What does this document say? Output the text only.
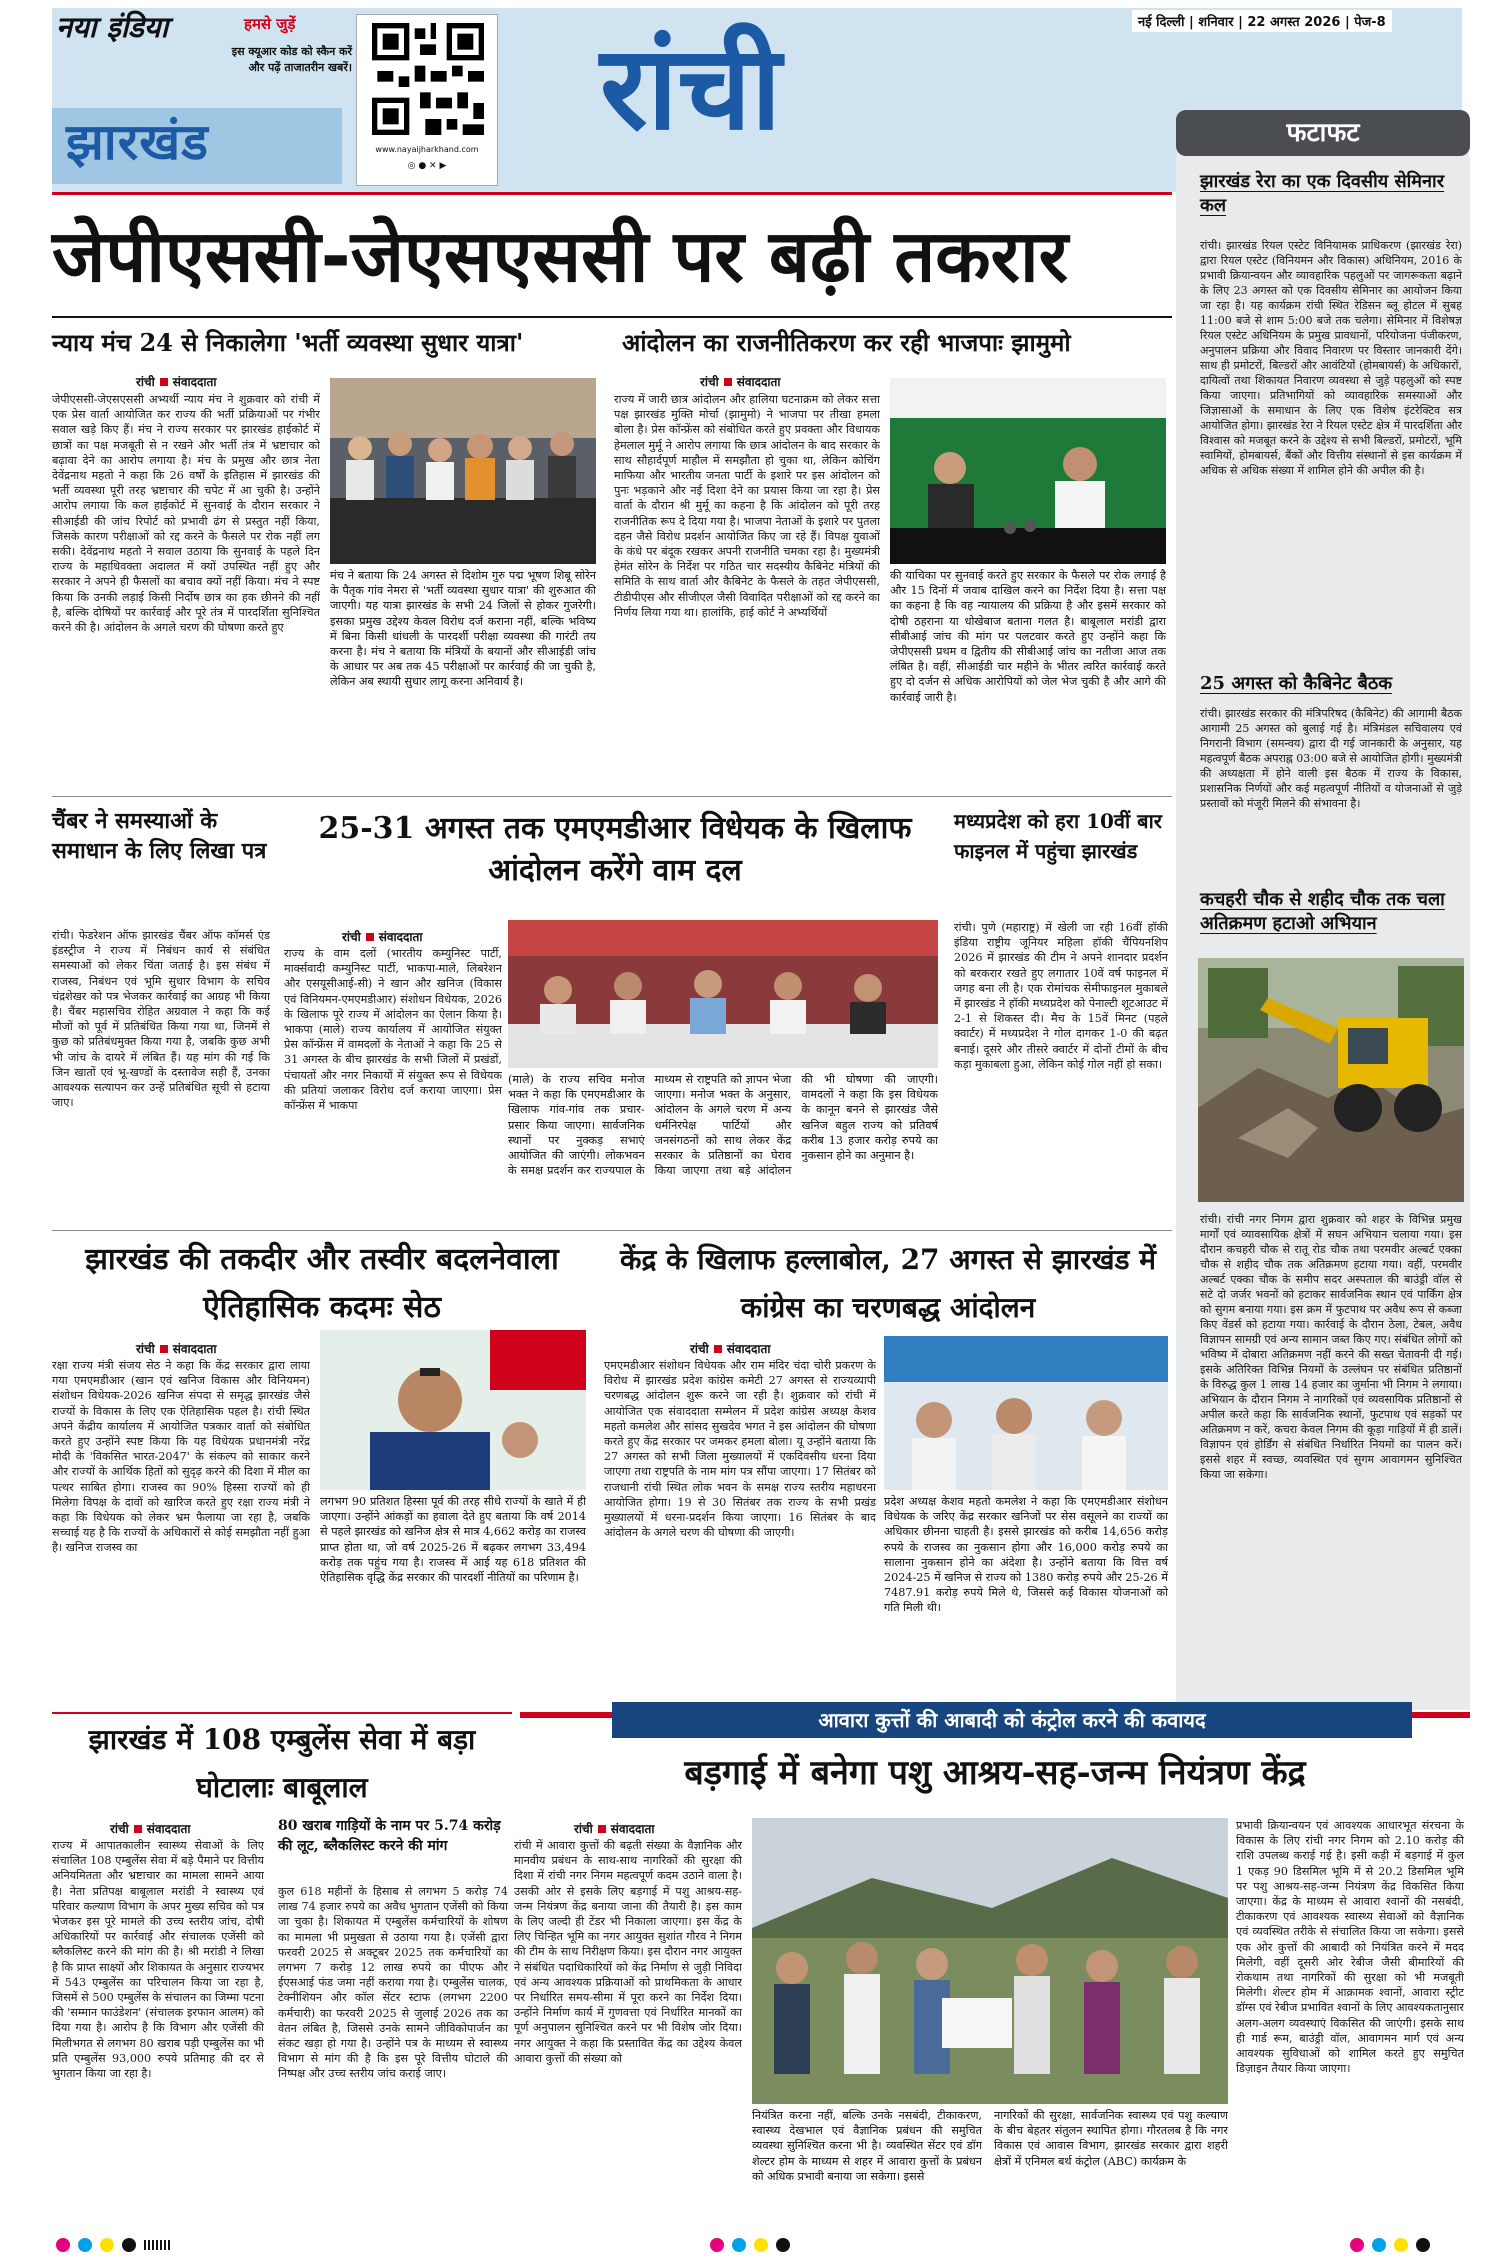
नया इंडिया	हमसे जुड़ें
इस क्यूआर कोड को स्कैन करें और पढ़ें ताजातरीन खबरें।
www.nayaijharkhand.com
◎ ● ✕ ▶
झारखंड	रांची	नई दिल्ली | शनिवार | 22 अगस्त 2026 | पेज-8
फटाफट
झारखंड रेरा का एक दिवसीय सेमिनार कल
रांची। झारखंड रियल एस्टेट विनियामक प्राधिकरण (झारखंड रेरा) द्वारा रियल एस्टेट (विनियमन और विकास) अधिनियम, 2016 के प्रभावी क्रियान्वयन और व्यावहारिक पहलुओं पर जागरूकता बढ़ाने के लिए 23 अगस्त को एक दिवसीय सेमिनार का आयोजन किया जा रहा है। यह कार्यक्रम रांची स्थित रेडिसन ब्लू होटल में सुबह 11:00 बजे से शाम 5:00 बजे तक चलेगा। सेमिनार में विशेषज्ञ रियल एस्टेट अधिनियम के प्रमुख प्रावधानों, परियोजना पंजीकरण, अनुपालन प्रक्रिया और विवाद निवारण पर विस्तार जानकारी देंगे। साथ ही प्रमोटरों, बिल्डरों और आवंटियों (होमबायर्स) के अधिकारों, दायित्वों तथा शिकायत निवारण व्यवस्था से जुड़े पहलुओं को स्पष्ट किया जाएगा। प्रतिभागियों को व्यावहारिक समस्याओं और जिज्ञासाओं के समाधान के लिए एक विशेष इंटरेक्टिव सत्र आयोजित होगा। झारखंड रेरा ने रियल एस्टेट क्षेत्र में पारदर्शिता और विश्वास को मजबूत करने के उद्देश्य से सभी बिल्डरों, प्रमोटरों, भूमि स्वामियों, होमबायर्स, बैंकों और वित्तीय संस्थानों से इस कार्यक्रम में अधिक से अधिक संख्या में शामिल होने की अपील की है।
25 अगस्त को कैबिनेट बैठक
रांची। झारखंड सरकार की मंत्रिपरिषद (कैबिनेट) की आगामी बैठक आगामी 25 अगस्त को बुलाई गई है। मंत्रिमंडल सचिवालय एवं निगरानी विभाग (समन्वय) द्वारा दी गई जानकारी के अनुसार, यह महत्वपूर्ण बैठक अपराह्न 03:00 बजे से आयोजित होगी। मुख्यमंत्री की अध्यक्षता में होने वाली इस बैठक में राज्य के विकास, प्रशासनिक निर्णयों और कई महत्वपूर्ण नीतियों व योजनाओं से जुड़े प्रस्तावों को मंजूरी मिलने की संभावना है।
कचहरी चौक से शहीद चौक तक चला अतिक्रमण हटाओ अभियान
रांची। रांची नगर निगम द्वारा शुक्रवार को शहर के विभिन्न प्रमुख मार्गों एवं व्यावसायिक क्षेत्रों में सघन अभियान चलाया गया। इस दौरान कचहरी चौक से रातू रोड चौक तथा परमवीर अल्बर्ट एक्का चौक से शहीद चौक तक अतिक्रमण हटाया गया। वहीं, परमवीर अल्बर्ट एक्का चौक के समीप सदर अस्पताल की बाउंड्री वॉल से सटे दो जर्जर भवनों को हटाकर सार्वजनिक स्थान एवं पार्किंग क्षेत्र को सुगम बनाया गया। इस क्रम में फुटपाथ पर अवैध रूप से कब्जा किए वेंडर्स को हटाया गया। कार्रवाई के दौरान ठेला, टेबल, अवैध विज्ञापन सामग्री एवं अन्य सामान जब्त किए गए। संबंधित लोगों को भविष्य में दोबारा अतिक्रमण नहीं करने की सख्त चेतावनी दी गई। इसके अतिरिक्त विभिन्न नियमों के उल्लंघन पर संबंधित प्रतिष्ठानों के विरुद्ध कुल 1 लाख 14 हजार का जुर्माना भी निगम ने लगाया। अभियान के दौरान निगम ने नागरिकों एवं व्यवसायिक प्रतिष्ठानों से अपील करते कहा कि सार्वजनिक स्थानों, फुटपाथ एवं सड़कों पर अतिक्रमण न करें, कचरा केवल निगम की कूड़ा गाड़ियों में ही डालें। विज्ञापन एवं होर्डिंग से संबंधित निर्धारित नियमों का पालन करें। इससे शहर में स्वच्छ, व्यवस्थित एवं सुगम आवागमन सुनिश्चित किया जा सकेगा।
जेपीएससी-जेएसएससी पर बढ़ी तकरार
न्याय मंच 24 से निकालेगा 'भर्ती व्यवस्था सुधार यात्रा'
रांची संवाददाता
जेपीएससी-जेएसएससी अभ्यर्थी न्याय मंच ने शुक्रवार को रांची में एक प्रेस वार्ता आयोजित कर राज्य की भर्ती प्रक्रियाओं पर गंभीर सवाल खड़े किए हैं। मंच ने राज्य सरकार पर झारखंड हाईकोर्ट में छात्रों का पक्ष मजबूती से न रखने और भर्ती तंत्र में भ्रष्टाचार को बढ़ावा देने का आरोप लगाया है। मंच के प्रमुख और छात्र नेता देवेंद्रनाथ महतो ने कहा कि 26 वर्षों के इतिहास में झारखंड की भर्ती व्यवस्था पूरी तरह भ्रष्टाचार की चपेट में आ चुकी है। उन्होंने आरोप लगाया कि कल हाईकोर्ट में सुनवाई के दौरान सरकार ने सीआईडी की जांच रिपोर्ट को प्रभावी ढंग से प्रस्तुत नहीं किया, जिसके कारण परीक्षाओं को रद्द करने के फैसले पर रोक नहीं लग सकी। देवेंद्रनाथ महतो ने सवाल उठाया कि सुनवाई के पहले दिन राज्य के महाधिवक्ता अदालत में क्यों उपस्थित नहीं हुए और सरकार ने अपने ही फैसलों का बचाव क्यों नहीं किया। मंच ने स्पष्ट किया कि उनकी लड़ाई किसी निर्दोष छात्र का हक छीनने की नहीं है, बल्कि दोषियों पर कार्रवाई और पूरे तंत्र में पारदर्शिता सुनिश्चित करने की है। आंदोलन के अगले चरण की घोषणा करते हुए
मंच ने बताया कि 24 अगस्त से दिशोम गुरु पद्म भूषण शिबू सोरेन के पैतृक गांव नेमरा से 'भर्ती व्यवस्था सुधार यात्रा' की शुरुआत की जाएगी। यह यात्रा झारखंड के सभी 24 जिलों से होकर गुजरेगी। इसका प्रमुख उद्देश्य केवल विरोध दर्ज कराना नहीं, बल्कि भविष्य में बिना किसी धांधली के पारदर्शी परीक्षा व्यवस्था की गारंटी तय करना है। मंच ने बताया कि मंत्रियों के बयानों और सीआईडी जांच के आधार पर अब तक 45 परीक्षाओं पर कार्रवाई की जा चुकी है, लेकिन अब स्थायी सुधार लागू करना अनिवार्य है।
आंदोलन का राजनीतिकरण कर रही भाजपाः झामुमो
रांची संवाददाता
राज्य में जारी छात्र आंदोलन और हालिया घटनाक्रम को लेकर सत्ता पक्ष झारखंड मुक्ति मोर्चा (झामुमो) ने भाजपा पर तीखा हमला बोला है। प्रेस कॉन्फ्रेंस को संबोधित करते हुए प्रवक्ता और विधायक हेमलाल मुर्मू ने आरोप लगाया कि छात्र आंदोलन के बाद सरकार के साथ सौहार्दपूर्ण माहौल में समझौता हो चुका था, लेकिन कोचिंग माफिया और भारतीय जनता पार्टी के इशारे पर इस आंदोलन को पुनः भड़काने और नई दिशा देने का प्रयास किया जा रहा है। प्रेस वार्ता के दौरान श्री मुर्मू का कहना है कि आंदोलन को पूरी तरह राजनीतिक रूप दे दिया गया है। भाजपा नेताओं के इशारे पर पुतला दहन जैसे विरोध प्रदर्शन आयोजित किए जा रहे हैं। विपक्ष युवाओं के कंधे पर बंदूक रखकर अपनी राजनीति चमका रहा है। मुख्यमंत्री हेमंत सोरेन के निर्देश पर गठित चार सदस्यीय कैबिनेट मंत्रियों की समिति के साथ वार्ता और कैबिनेट के फैसले के तहत जेपीएससी, टीडीपीएस और सीजीएल जैसी विवादित परीक्षाओं को रद्द करने का निर्णय लिया गया था। हालांकि, हाई कोर्ट ने अभ्यर्थियों
की याचिका पर सुनवाई करते हुए सरकार के फैसले पर रोक लगाई है और 15 दिनों में जवाब दाखिल करने का निर्देश दिया है। सत्ता पक्ष का कहना है कि वह न्यायालय की प्रक्रिया है और इसमें सरकार को दोषी ठहराना या धोखेबाज बताना गलत है। बाबूलाल मरांडी द्वारा सीबीआई जांच की मांग पर पलटवार करते हुए उन्होंने कहा कि जेपीएससी प्रथम व द्वितीय की सीबीआई जांच का नतीजा आज तक लंबित है। वहीं, सीआईडी चार महीने के भीतर त्वरित कार्रवाई करते हुए दो दर्जन से अधिक आरोपियों को जेल भेज चुकी है और आगे की कार्रवाई जारी है।
चैंबर ने समस्याओं के समाधान के लिए लिखा पत्र
रांची। फेडरेशन ऑफ झारखंड चैंबर ऑफ कॉमर्स एंड इंडस्ट्रीज ने राज्य में निबंधन कार्य से संबंधित समस्याओं को लेकर चिंता जताई है। इस संबंध में राजस्व, निबंधन एवं भूमि सुधार विभाग के सचिव चंद्रशेखर को पत्र भेजकर कार्रवाई का आग्रह भी किया है। चैंबर महासचिव रोहित अग्रवाल ने कहा कि कई मौजों को पूर्व में प्रतिबंधित किया गया था, जिनमें से कुछ को प्रतिबंधमुक्त किया गया है, जबकि कुछ अभी भी जांच के दायरे में लंबित हैं। यह मांग की गई कि जिन खातों एवं भू-खण्डों के दस्तावेज सही हैं, उनका आवश्यक सत्यापन कर उन्हें प्रतिबंधित सूची से हटाया जाए।
25-31 अगस्त तक एमएमडीआर विधेयक के खिलाफ आंदोलन करेंगे वाम दल
रांची संवाददाता
राज्य के वाम दलों (भारतीय कम्युनिस्ट पार्टी, मार्क्सवादी कम्युनिस्ट पार्टी, भाकपा-माले, लिबरेशन और एसयूसीआई-सी) ने खान और खनिज (विकास एवं विनियमन-एमएमडीआर) संशोधन विधेयक, 2026 के खिलाफ पूरे राज्य में आंदोलन का ऐलान किया है। भाकपा (माले) राज्य कार्यालय में आयोजित संयुक्त प्रेस कॉन्फ्रेंस में वामदलों के नेताओं ने कहा कि 25 से 31 अगस्त के बीच झारखंड के सभी जिलों में प्रखंडों, पंचायतों और नगर निकायों में संयुक्त रूप से विधेयक की प्रतियां जलाकर विरोध दर्ज कराया जाएगा। प्रेस कॉन्फ्रेंस में भाकपा
(माले) के राज्य सचिव मनोज भक्त ने कहा कि एमएमडीआर के खिलाफ गांव-गांव तक प्रचार-प्रसार किया जाएगा। सार्वजनिक स्थानों पर नुक्कड़ सभाएं आयोजित की जाएंगी। लोकभवन के समक्ष प्रदर्शन कर राज्यपाल के माध्यम से राष्ट्रपति को ज्ञापन भेजा जाएगा। मनोज भक्त के अनुसार, आंदोलन के अगले चरण में अन्य धर्मनिरपेक्ष पार्टियों और जनसंगठनों को साथ लेकर केंद्र सरकार के प्रतिष्ठानों का घेराव किया जाएगा तथा बड़े आंदोलन की भी घोषणा की जाएगी। वामदलों ने कहा कि इस विधेयक के कानून बनने से झारखंड जैसे खनिज बहुल राज्य को प्रतिवर्ष करीब 13 हजार करोड़ रुपये का नुकसान होने का अनुमान है।
मध्यप्रदेश को हरा 10वीं बार फाइनल में पहुंचा झारखंड
रांची। पुणे (महाराष्ट्र) में खेली जा रही 16वीं हॉकी इंडिया राष्ट्रीय जूनियर महिला हॉकी चैंपियनशिप 2026 में झारखंड की टीम ने अपने शानदार प्रदर्शन को बरकरार रखते हुए लगातार 10वें वर्ष फाइनल में जगह बना ली है। एक रोमांचक सेमीफाइनल मुकाबले में झारखंड ने हॉकी मध्यप्रदेश को पेनाल्टी शूटआउट में 2-1 से शिकस्त दी। मैच के 15वें मिनट (पहले क्वार्टर) में मध्यप्रदेश ने गोल दागकर 1-0 की बढ़त बनाई। दूसरे और तीसरे क्वार्टर में दोनों टीमों के बीच कड़ा मुकाबला हुआ, लेकिन कोई गोल नहीं हो सका।
झारखंड की तकदीर और तस्वीर बदलनेवाला ऐतिहासिक कदमः सेठ
रांची संवाददाता
रक्षा राज्य मंत्री संजय सेठ ने कहा कि केंद्र सरकार द्वारा लाया गया एमएमडीआर (खान एवं खनिज विकास और विनियमन) संशोधन विधेयक-2026 खनिज संपदा से समृद्ध झारखंड जैसे राज्यों के विकास के लिए एक ऐतिहासिक पहल है। रांची स्थित अपने केंद्रीय कार्यालय में आयोजित पत्रकार वार्ता को संबोधित करते हुए उन्होंने स्पष्ट किया कि यह विधेयक प्रधानमंत्री नरेंद्र मोदी के 'विकसित भारत-2047' के संकल्प को साकार करने और राज्यों के आर्थिक हितों को सुदृढ़ करने की दिशा में मील का पत्थर साबित होगा। राजस्व का 90% हिस्सा राज्यों को ही मिलेगा विपक्ष के दावों को खारिज करते हुए रक्षा राज्य मंत्री ने कहा कि विधेयक को लेकर भ्रम फैलाया जा रहा है, जबकि सच्चाई यह है कि राज्यों के अधिकारों से कोई समझौता नहीं हुआ है। खनिज राजस्व का
लगभग 90 प्रतिशत हिस्सा पूर्व की तरह सीधे राज्यों के खाते में ही जाएगा। उन्होंने आंकड़ों का हवाला देते हुए बताया कि वर्ष 2014 से पहले झारखंड को खनिज क्षेत्र से मात्र 4,662 करोड़ का राजस्व प्राप्त होता था, जो वर्ष 2025-26 में बढ़कर लगभग 33,494 करोड़ तक पहुंच गया है। राजस्व में आई यह 618 प्रतिशत की ऐतिहासिक वृद्धि केंद्र सरकार की पारदर्शी नीतियों का परिणाम है।
केंद्र के खिलाफ हल्लाबोल, 27 अगस्त से झारखंड में कांग्रेस का चरणबद्ध आंदोलन
रांची संवाददाता
एमएमडीआर संशोधन विधेयक और राम मंदिर चंदा चोरी प्रकरण के विरोध में झारखंड प्रदेश कांग्रेस कमेटी 27 अगस्त से राज्यव्यापी चरणबद्ध आंदोलन शुरू करने जा रही है। शुक्रवार को रांची में आयोजित एक संवाददाता सम्मेलन में प्रदेश कांग्रेस अध्यक्ष केशव महतो कमलेश और सांसद सुखदेव भगत ने इस आंदोलन की घोषणा करते हुए केंद्र सरकार पर जमकर हमला बोला। यू उन्होंने बताया कि 27 अगस्त को सभी जिला मुख्यालयों में एकदिवसीय धरना दिया जाएगा तथा राष्ट्रपति के नाम मांग पत्र सौंपा जाएगा। 17 सितंबर को राजधानी रांची स्थित लोक भवन के समक्ष राज्य स्तरीय महाधरना आयोजित होगा। 19 से 30 सितंबर तक राज्य के सभी प्रखंड मुख्यालयों में धरना-प्रदर्शन किया जाएगा। 16 सितंबर के बाद आंदोलन के अगले चरण की घोषणा की जाएगी।
प्रदेश अध्यक्ष केशव महतो कमलेश ने कहा कि एमएमडीआर संशोधन विधेयक के जरिए केंद्र सरकार खनिजों पर सेस वसूलने का राज्यों का अधिकार छीनना चाहती है। इससे झारखंड को करीब 14,656 करोड़ रुपये के राजस्व का नुकसान होगा और 16,000 करोड़ रुपये का सालाना नुकसान होने का अंदेशा है। उन्होंने बताया कि वित्त वर्ष 2024-25 में खनिज से राज्य को 1380 करोड़ रुपये और 25-26 में 7487.91 करोड़ रुपये मिले थे, जिससे कई विकास योजनाओं को गति मिली थी।
झारखंड में 108 एम्बुलेंस सेवा में बड़ा घोटालाः बाबूलाल
रांची संवाददाता	80 खराब गाड़ियों के नाम पर 5.74 करोड़ की लूट, ब्लैकलिस्ट करने की मांग
राज्य में आपातकालीन स्वास्थ्य सेवाओं के लिए संचालित 108 एम्बुलेंस सेवा में बड़े पैमाने पर वित्तीय अनियमितता और भ्रष्टाचार का मामला सामने आया है। नेता प्रतिपक्ष बाबूलाल मरांडी ने स्वास्थ्य एवं परिवार कल्याण विभाग के अपर मुख्य सचिव को पत्र भेजकर इस पूरे मामले की उच्च स्तरीय जांच, दोषी अधिकारियों पर कार्रवाई और संचालक एजेंसी को ब्लैकलिस्ट करने की मांग की है। श्री मरांडी ने लिखा है कि प्राप्त साक्ष्यों और शिकायत के अनुसार राज्यभर में 543 एम्बुलेंस का परिचालन किया जा रहा है, जिसमें से 500 एम्बुलेंस के संचालन का जिम्मा पटना की 'सम्मान फाउंडेशन' (संचालक इरफान आलम) को दिया गया है। आरोप है कि विभाग और एजेंसी की मिलीभगत से लगभग 80 खराब पड़ी एम्बुलेंस का भी प्रति एम्बुलेंस 93,000 रुपये प्रतिमाह की दर से भुगतान किया जा रहा है।
कुल 618 महीनों के हिसाब से लगभग 5 करोड़ 74 लाख 74 हजार रुपये का अवैध भुगतान एजेंसी को किया जा चुका है। शिकायत में एम्बुलेंस कर्मचारियों के शोषण का मामला भी प्रमुखता से उठाया गया है। एजेंसी द्वारा फरवरी 2025 से अक्टूबर 2025 तक कर्मचारियों का लगभग 7 करोड़ 12 लाख रुपये का पीएफ और ईएसआई फंड जमा नहीं कराया गया है। एम्बुलेंस चालक, टेक्नीशियन और कॉल सेंटर स्टाफ (लगभग 2200 कर्मचारी) का फरवरी 2025 से जुलाई 2026 तक का वेतन लंबित है, जिससे उनके सामने जीविकोपार्जन का संकट खड़ा हो गया है। उन्होंने पत्र के माध्यम से स्वास्थ्य विभाग से मांग की है कि इस पूरे वित्तीय घोटाले की निष्पक्ष और उच्च स्तरीय जांच कराई जाए।
आवारा कुत्तों की आबादी को कंट्रोल करने की कवायद
बड़गाई में बनेगा पशु आश्रय-सह-जन्म नियंत्रण केंद्र
रांची संवाददाता
रांची में आवारा कुत्तों की बढ़ती संख्या के वैज्ञानिक और मानवीय प्रबंधन के साथ-साथ नागरिकों की सुरक्षा की दिशा में रांची नगर निगम महत्वपूर्ण कदम उठाने वाला है। उसकी ओर से इसके लिए बड़गाई में पशु आश्रय-सह-जन्म नियंत्रण केंद्र बनाया जाना की तैयारी है। इस काम के लिए जल्दी ही टेंडर भी निकाला जाएगा। इस केंद्र के लिए चिन्हित भूमि का नगर आयुक्त सुशांत गौरव ने निगम की टीम के साथ निरीक्षण किया। इस दौरान नगर आयुक्त ने संबंधित पदाधिकारियों को केंद्र निर्माण से जुड़ी निविदा एवं अन्य आवश्यक प्रक्रियाओं को प्राथमिकता के आधार पर निर्धारित समय-सीमा में पूरा करने का निर्देश दिया। उन्होंने निर्माण कार्य में गुणवत्ता एवं निर्धारित मानकों का पूर्ण अनुपालन सुनिश्चित करने पर भी विशेष जोर दिया। नगर आयुक्त ने कहा कि प्रस्तावित केंद्र का उद्देश्य केवल आवारा कुत्तों की संख्या को
नियंत्रित करना नहीं, बल्कि उनके नसबंदी, टीकाकरण, स्वास्थ्य देखभाल एवं वैज्ञानिक प्रबंधन की समुचित व्यवस्था सुनिश्चित करना भी है। व्यवस्थित सेंटर एवं डॉग शेल्टर होम के माध्यम से शहर में आवारा कुत्तों के प्रबंधन को अधिक प्रभावी बनाया जा सकेगा। इससे
नागरिकों की सुरक्षा, सार्वजनिक स्वास्थ्य एवं पशु कल्याण के बीच बेहतर संतुलन स्थापित होगा। गौरतलब है कि नगर विकास एवं आवास विभाग, झारखंड सरकार द्वारा शहरी क्षेत्रों में एनिमल बर्थ कंट्रोल (ABC) कार्यक्रम के
प्रभावी क्रियान्वयन एवं आवश्यक आधारभूत संरचना के विकास के लिए रांची नगर निगम को 2.10 करोड़ की राशि उपलब्ध कराई गई है। इसी कड़ी में बड़गाई में कुल 1 एकड़ 90 डिसमिल भूमि में से 20.2 डिसमिल भूमि पर पशु आश्रय-सह-जन्म नियंत्रण केंद्र विकसित किया जाएगा। केंद्र के माध्यम से आवारा श्वानों की नसबंदी, टीकाकरण एवं आवश्यक स्वास्थ्य सेवाओं को वैज्ञानिक एवं व्यवस्थित तरीके से संचालित किया जा सकेगा। इससे एक ओर कुत्तों की आबादी को नियंत्रित करने में मदद मिलेगी, वहीं दूसरी ओर रेबीज जैसी बीमारियों की रोकथाम तथा नागरिकों की सुरक्षा को भी मजबूती मिलेगी। शेल्टर होम में आक्रामक श्वानों, आवारा स्ट्रीट डॉग्स एवं रेबीज प्रभावित श्वानों के लिए आवश्यकतानुसार अलग-अलग व्यवस्थाएं विकसित की जाएंगी। इसके साथ ही गार्ड रूम, बाउंड्री वॉल, आवागमन मार्ग एवं अन्य आवश्यक सुविधाओं को शामिल करते हुए समुचित डिज़ाइन तैयार किया जाएगा।
